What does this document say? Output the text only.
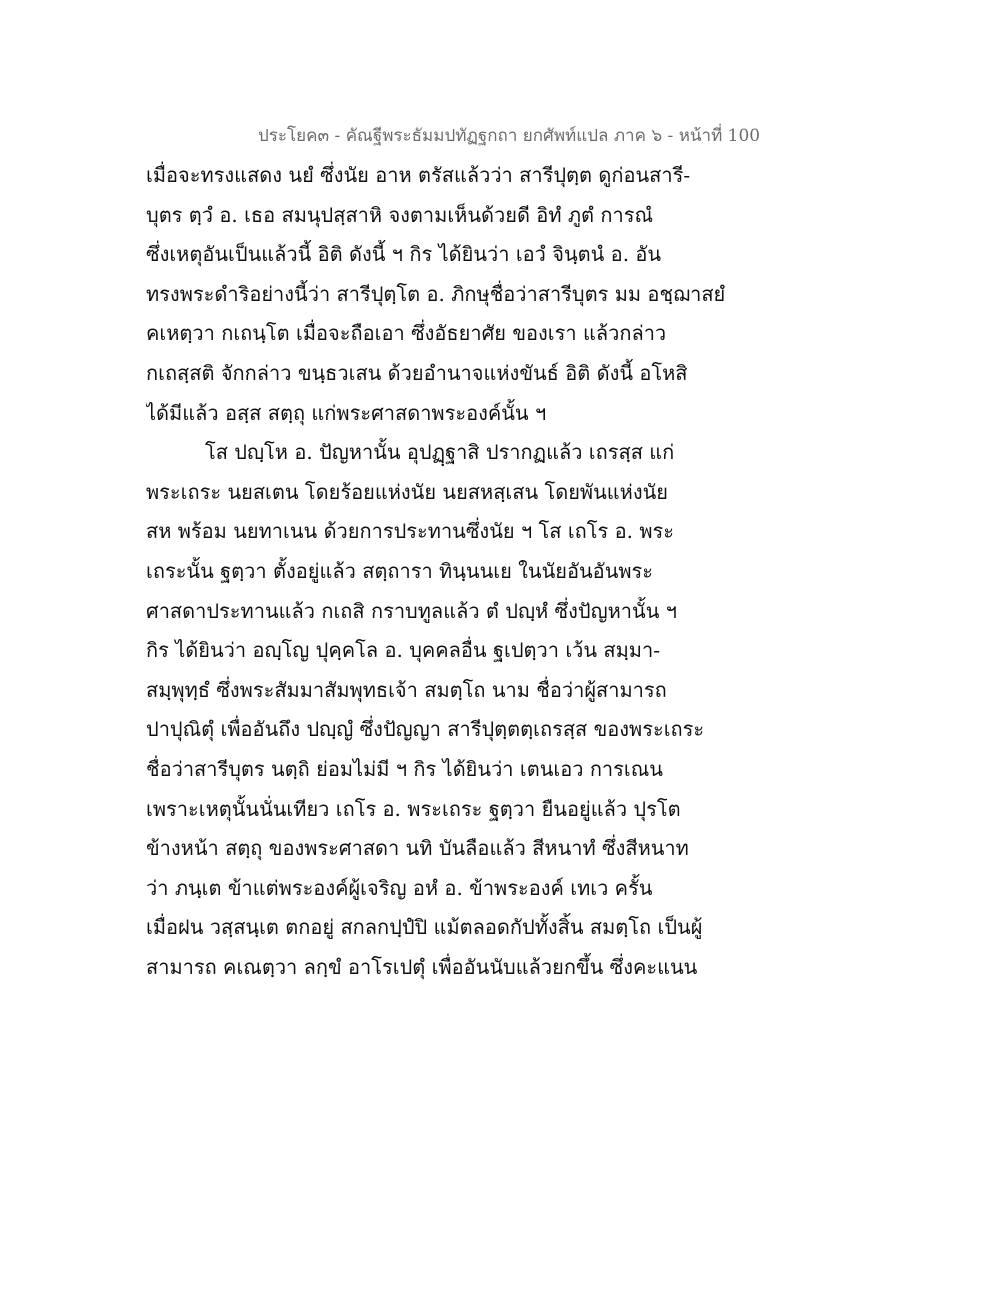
ประโยค๓ - คัณฐีพระธัมมปทัฏฐกถา ยกศัพท์แปล ภาค ๖ - หน้าที่ 100
เมื่อจะทรงแสดง นยํ ซึ่งนัย อาห ตรัสแล้วว่า สารีปุตฺต ดูก่อนสารี-
บุตร ตฺวํ อ. เธอ สมนุปสฺสาหิ จงตามเห็นด้วยดี อิทํ ภูตํ การณํ
ซึ่งเหตุอันเป็นแล้วนี้ อิติ ดังนี้ ฯ กิร ได้ยินว่า เอวํ จินฺตนํ อ. อัน
ทรงพระดำริอย่างนี้ว่า สารีปุตฺโต อ. ภิกษุชื่อว่าสารีบุตร มม อชฺฌาสยํ
คเหตฺวา กเถนฺโต เมื่อจะถือเอา ซึ่งอัธยาศัย ของเรา แล้วกล่าว
กเถสฺสติ จักกล่าว ขนฺธวเสน ด้วยอำนาจแห่งขันธ์ อิติ ดังนี้ อโหสิ
ได้มีแล้ว อสฺส สตฺถุ แก่พระศาสดาพระองค์นั้น ฯ
โส ปญฺโห อ. ปัญหานั้น อุปฏฺฐาสิ ปรากฏแล้ว เถรสฺส แก่
พระเถระ นยสเตน โดยร้อยแห่งนัย นยสหสฺเสน โดยพันแห่งนัย
สห พร้อม นยทาเนน ด้วยการประทานซึ่งนัย ฯ โส เถโร อ. พระ
เถระนั้น ฐตฺวา ตั้งอยู่แล้ว สตฺถารา ทินฺนนเย ในนัยอันอันพระ
ศาสดาประทานแล้ว กเถสิ กราบทูลแล้ว ตํ ปญฺหํ ซึ่งปัญหานั้น ฯ
กิร ได้ยินว่า อญฺโญ ปุคฺคโล อ. บุคคลอื่น ฐเปตฺวา เว้น สมฺมา-
สมฺพุทฺธํ ซึ่งพระสัมมาสัมพุทธเจ้า สมตฺโถ นาม ชื่อว่าผู้สามารถ
ปาปุณิตุํ เพื่ออันถึง ปญฺญํ ซึ่งปัญญา สารีปุตฺตตฺเถรสฺส ของพระเถระ
ชื่อว่าสารีบุตร นตฺถิ ย่อมไม่มี ฯ กิร ได้ยินว่า เตนเอว การเณน
เพราะเหตุนั้นนั่นเทียว เถโร อ. พระเถระ ฐตฺวา ยืนอยู่แล้ว ปุรโต
ข้างหน้า สตฺถุ ของพระศาสดา นทิ บันลือแล้ว สีหนาทํ ซึ่งสีหนาท
ว่า ภนฺเต ข้าแต่พระองค์ผู้เจริญ อหํ อ. ข้าพระองค์ เทเว ครั้น
เมื่อฝน วสฺสนฺเต ตกอยู่ สกลกปฺปํปิ แม้ตลอดกัปทั้งสิ้น สมตฺโถ เป็นผู้
สามารถ คเณตฺวา ลกฺขํ อาโรเปตุํ เพื่ออันนับแล้วยกขึ้น ซึ่งคะแนน
